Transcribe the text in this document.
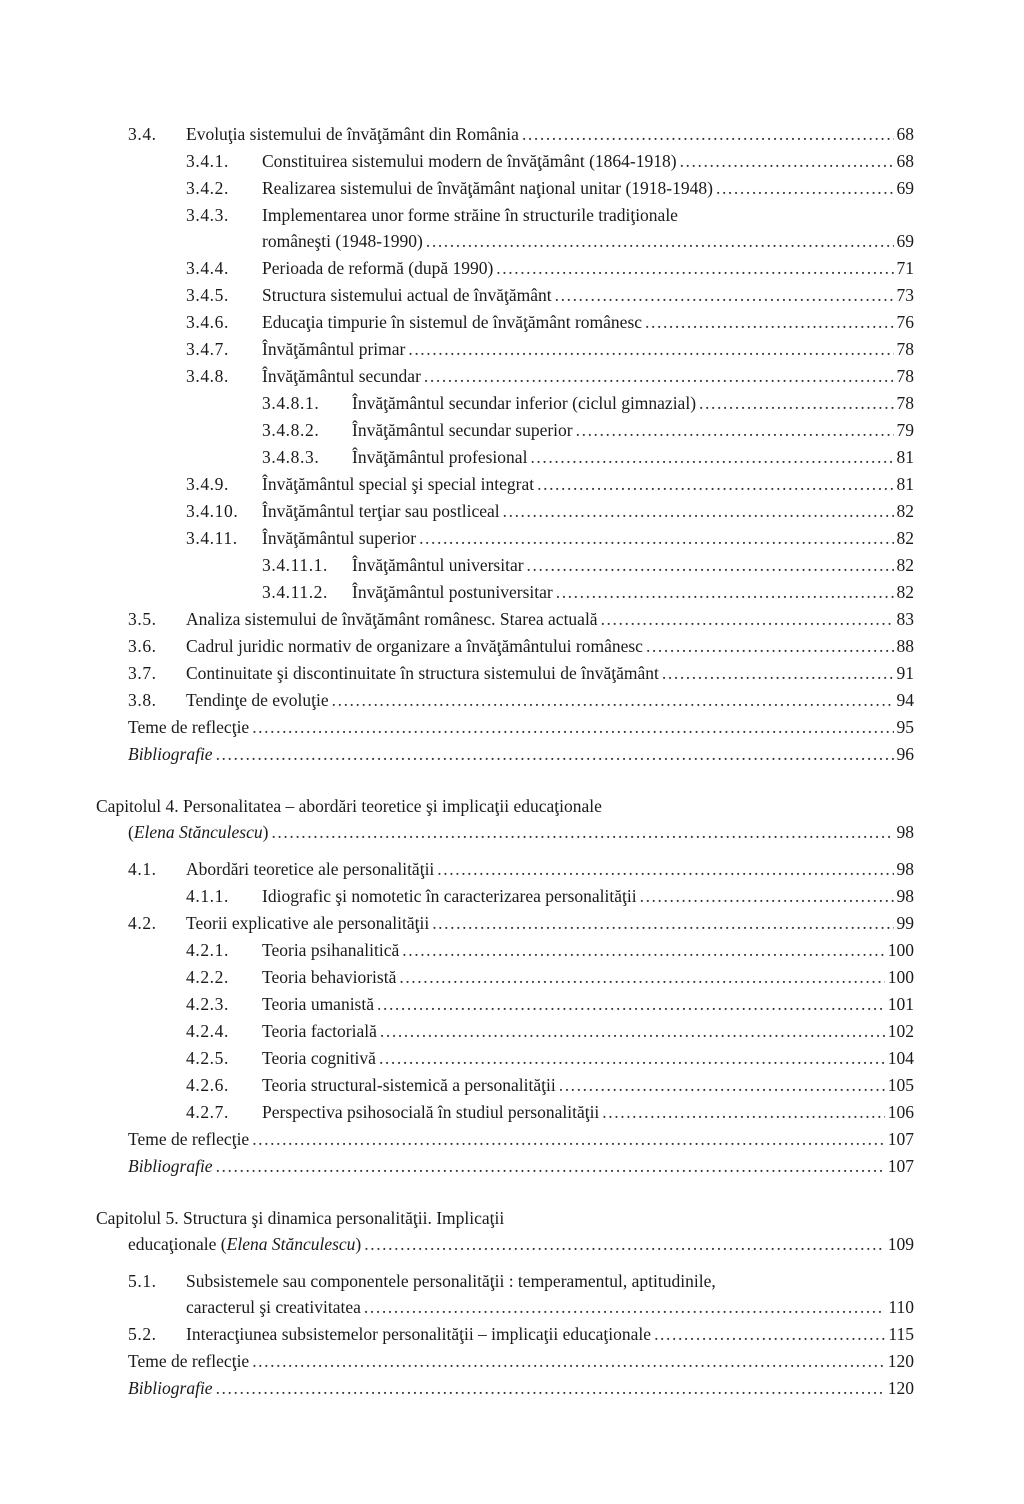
3.4. Evoluţia sistemului de învăţământ din România .....	68
3.4.1. Constituirea sistemului modern de învăţământ (1864-1918) .....	68
3.4.2. Realizarea sistemului de învăţământ naţional unitar (1918-1948) .....	69
3.4.3. Implementarea unor forme străine în structurile tradiţionale
româneşti (1948-1990) .....	69
3.4.4. Perioada de reformă (după 1990) .....	71
3.4.5. Structura sistemului actual de învăţământ .....	73
3.4.6. Educaţia timpurie în sistemul de învăţământ românesc .....	76
3.4.7. Învăţământul primar .....	78
3.4.8. Învăţământul secundar .....	78
3.4.8.1. Învăţământul secundar inferior (ciclul gimnazial) .....	78
3.4.8.2. Învăţământul secundar superior .....	79
3.4.8.3. Învăţământul profesional .....	81
3.4.9. Învăţământul special şi special integrat .....	81
3.4.10. Învăţământul terţiar sau postliceal .....	82
3.4.11. Învăţământul superior .....	82
3.4.11.1. Învăţământul universitar .....	82
3.4.11.2. Învăţământul postuniversitar .....	82
3.5. Analiza sistemului de învăţământ românesc. Starea actuală .....	83
3.6. Cadrul juridic normativ de organizare a învăţământului românesc .....	88
3.7. Continuitate şi discontinuitate în structura sistemului de învăţământ .....	91
3.8. Tendinţe de evoluţie .....	94
Teme de reflecţie .....	95
Bibliografie .....	96
Capitolul 4. Personalitatea – abordări teoretice şi implicaţii educaţionale
(Elena Stănculescu) .....	98
4.1. Abordări teoretice ale personalităţii .....	98
4.1.1. Idiografic şi nomotetic în caracterizarea personalităţii .....	98
4.2. Teorii explicative ale personalităţii .....	99
4.2.1. Teoria psihanalitică .....	100
4.2.2. Teoria behavioristă .....	100
4.2.3. Teoria umanistă .....	101
4.2.4. Teoria factorială .....	102
4.2.5. Teoria cognitivă .....	104
4.2.6. Teoria structural-sistemică a personalităţii .....	105
4.2.7. Perspectiva psihosocială în studiul personalităţii .....	106
Teme de reflecţie .....	107
Bibliografie .....	107
Capitolul 5. Structura şi dinamica personalităţii. Implicaţii
educaţionale (Elena Stănculescu) .....	109
5.1. Subsistemele sau componentele personalităţii : temperamentul, aptitudinile,
caracterul şi creativitatea .....	110
5.2. Interacţiunea subsistemelor personalităţii – implicaţii educaţionale .....	115
Teme de reflecţie .....	120
Bibliografie .....	120
